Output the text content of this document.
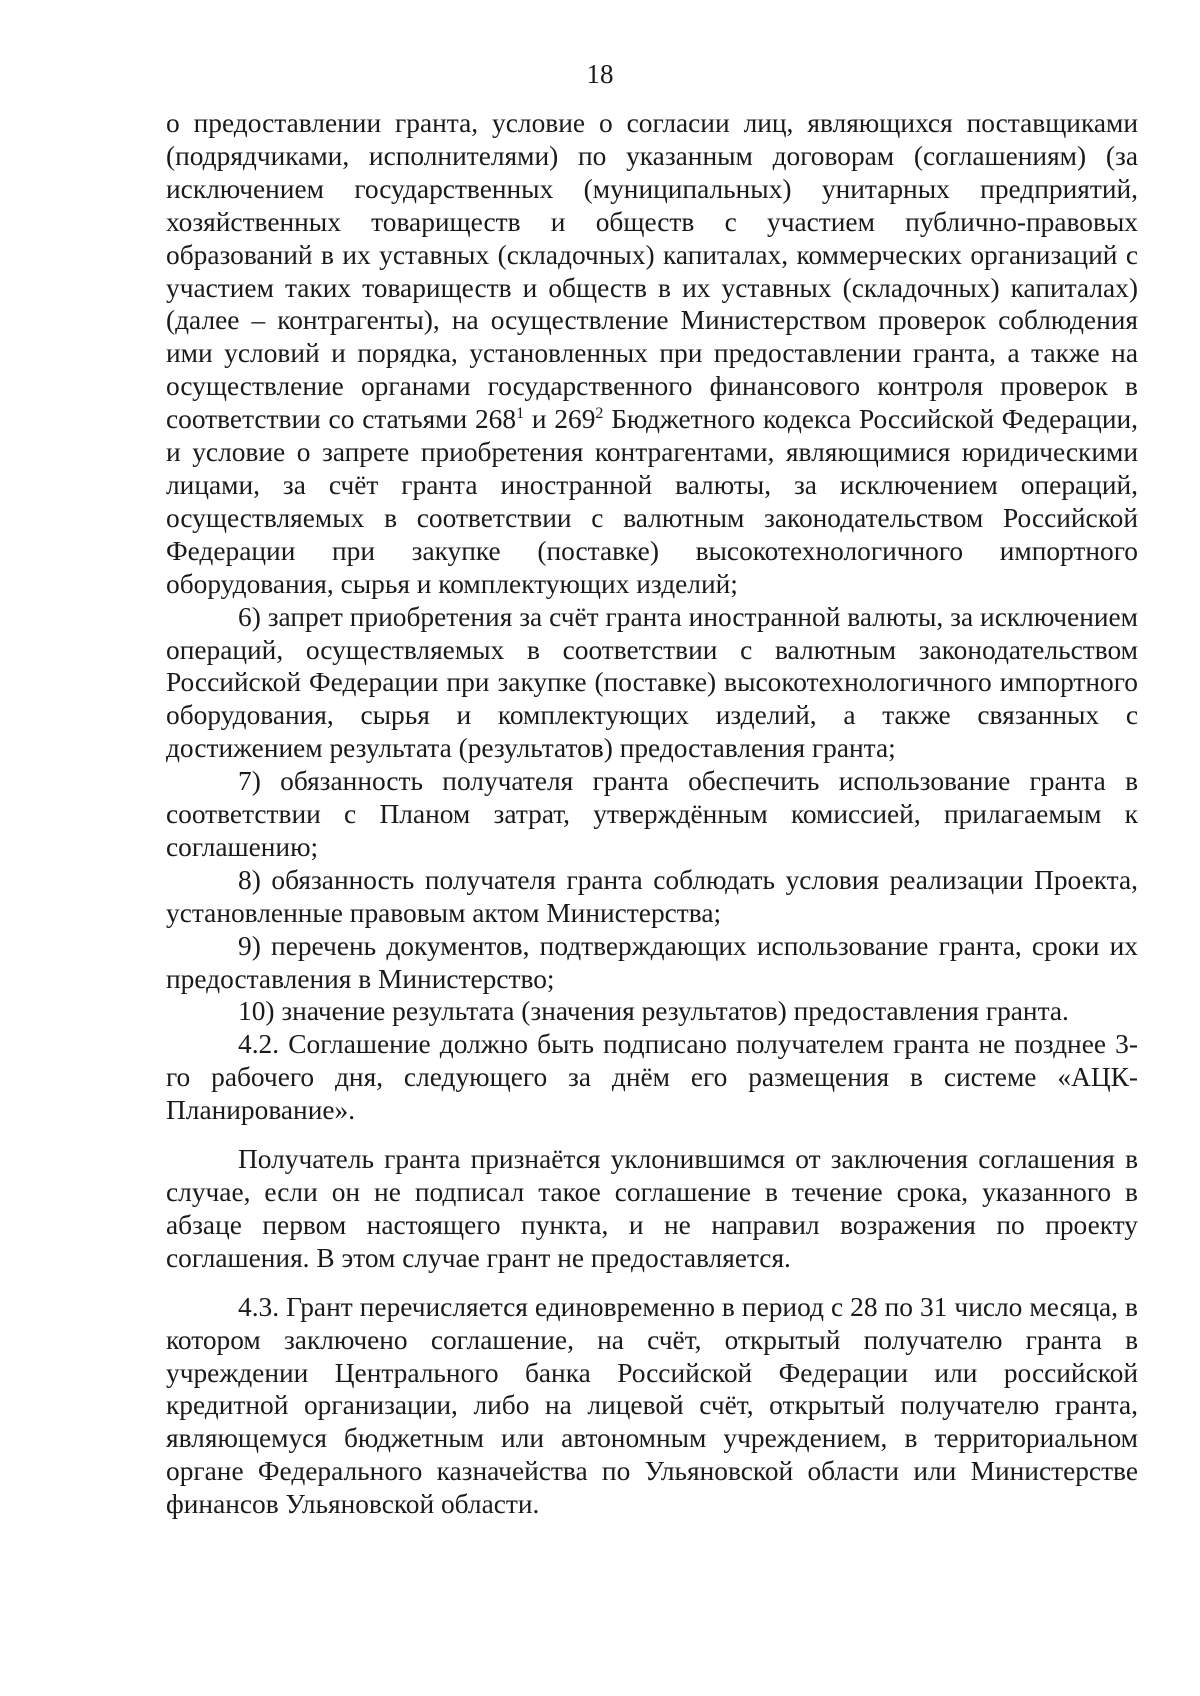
18

о предоставлении гранта, условие о согласии лиц, являющихся поставщиками (подрядчиками, исполнителями) по указанным договорам (соглашениям) (за исключением государственных (муниципальных) унитарных предприятий, хозяйственных товариществ и обществ с участием публично-правовых образований в их уставных (складочных) капиталах, коммерческих организаций с участием таких товариществ и обществ в их уставных (складочных) капиталах) (далее – контрагенты), на осуществление Министерством проверок соблюдения ими условий и порядка, установленных при предоставлении гранта, а также на осуществление органами государственного финансового контроля проверок в соответствии со статьями $268^1$ и $269^2$ Бюджетного кодекса Российской Федерации, и условие о запрете приобретения контрагентами, являющимися юридическими лицами, за счёт гранта иностранной валюты, за исключением операций, осуществляемых в соответствии с валютным законодательством Российской Федерации при закупке (поставке) высокотехнологичного импортного оборудования, сырья и комплектующих изделий;

6) запрет приобретения за счёт гранта иностранной валюты, за исключением операций, осуществляемых в соответствии с валютным законодательством Российской Федерации при закупке (поставке) высокотехнологичного импортного оборудования, сырья и комплектующих изделий, а также связанных с достижением результата (результатов) предоставления гранта;

7) обязанность получателя гранта обеспечить использование гранта в соответствии с Планом затрат, утверждённым комиссией, прилагаемым к соглашению;

8) обязанность получателя гранта соблюдать условия реализации Проекта, установленные правовым актом Министерства;

9) перечень документов, подтверждающих использование гранта, сроки их предоставления в Министерство;

10) значение результата (значения результатов) предоставления гранта.

4.2. Соглашение должно быть подписано получателем гранта не позднее 3-го рабочего дня, следующего за днём его размещения в системе «АЦК-Планирование».

Получатель гранта признаётся уклонившимся от заключения соглашения в случае, если он не подписал такое соглашение в течение срока, указанного в абзаце первом настоящего пункта, и не направил возражения по проекту соглашения. В этом случае грант не предоставляется.

4.3. Грант перечисляется единовременно в период с 28 по 31 число месяца, в котором заключено соглашение, на счёт, открытый получателю гранта в учреждении Центрального банка Российской Федерации или российской кредитной организации, либо на лицевой счёт, открытый получателю гранта, являющемуся бюджетным или автономным учреждением, в территориальном органе Федерального казначейства по Ульяновской области или Министерстве финансов Ульяновской области.
